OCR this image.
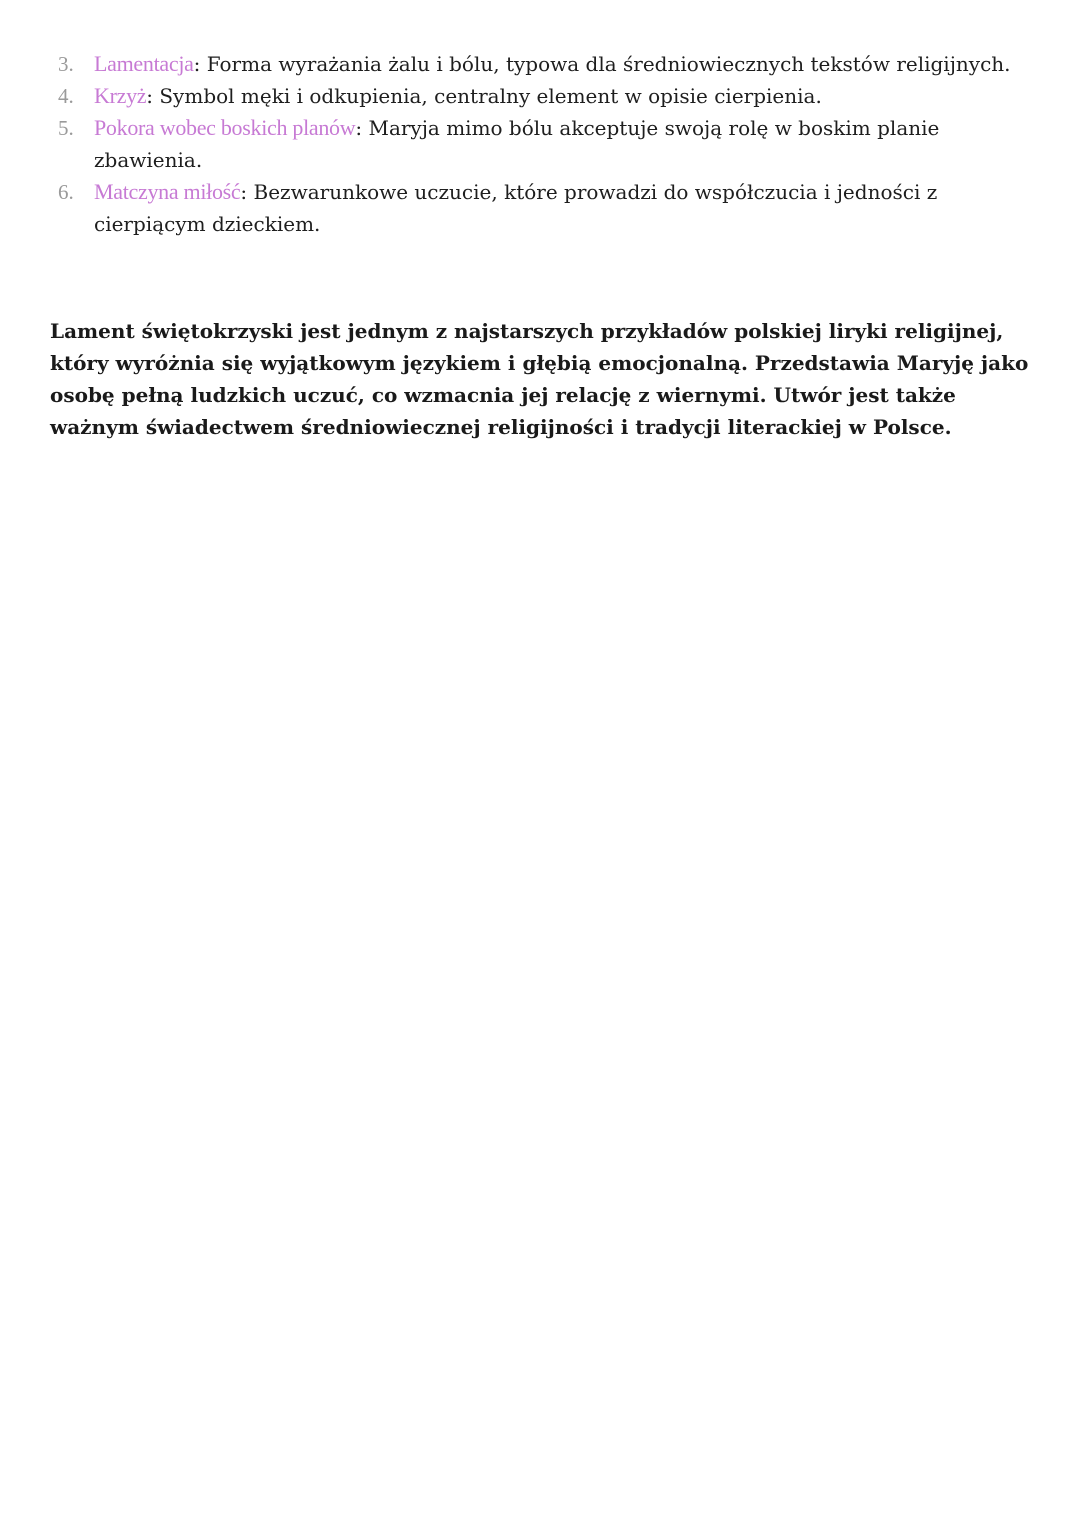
3. Lamentacja: Forma wyrażania żalu i bólu, typowa dla średniowiecznych tekstów religijnych.
4. Krzyż: Symbol męki i odkupienia, centralny element w opisie cierpienia.
5. Pokora wobec boskich planów: Maryja mimo bólu akceptuje swoją rolę w boskim planie zbawienia.
6. Matczyna miłość: Bezwarunkowe uczucie, które prowadzi do współczucia i jedności z cierpiącym dzieckiem.

Lament świętokrzyski jest jednym z najstarszych przykładów polskiej liryki religijnej, który wyróżnia się wyjątkowym językiem i głębią emocjonalną. Przedstawia Maryję jako osobę pełną ludzkich uczuć, co wzmacnia jej relację z wiernymi. Utwór jest także ważnym świadectwem średniowiecznej religijności i tradycji literackiej w Polsce.
